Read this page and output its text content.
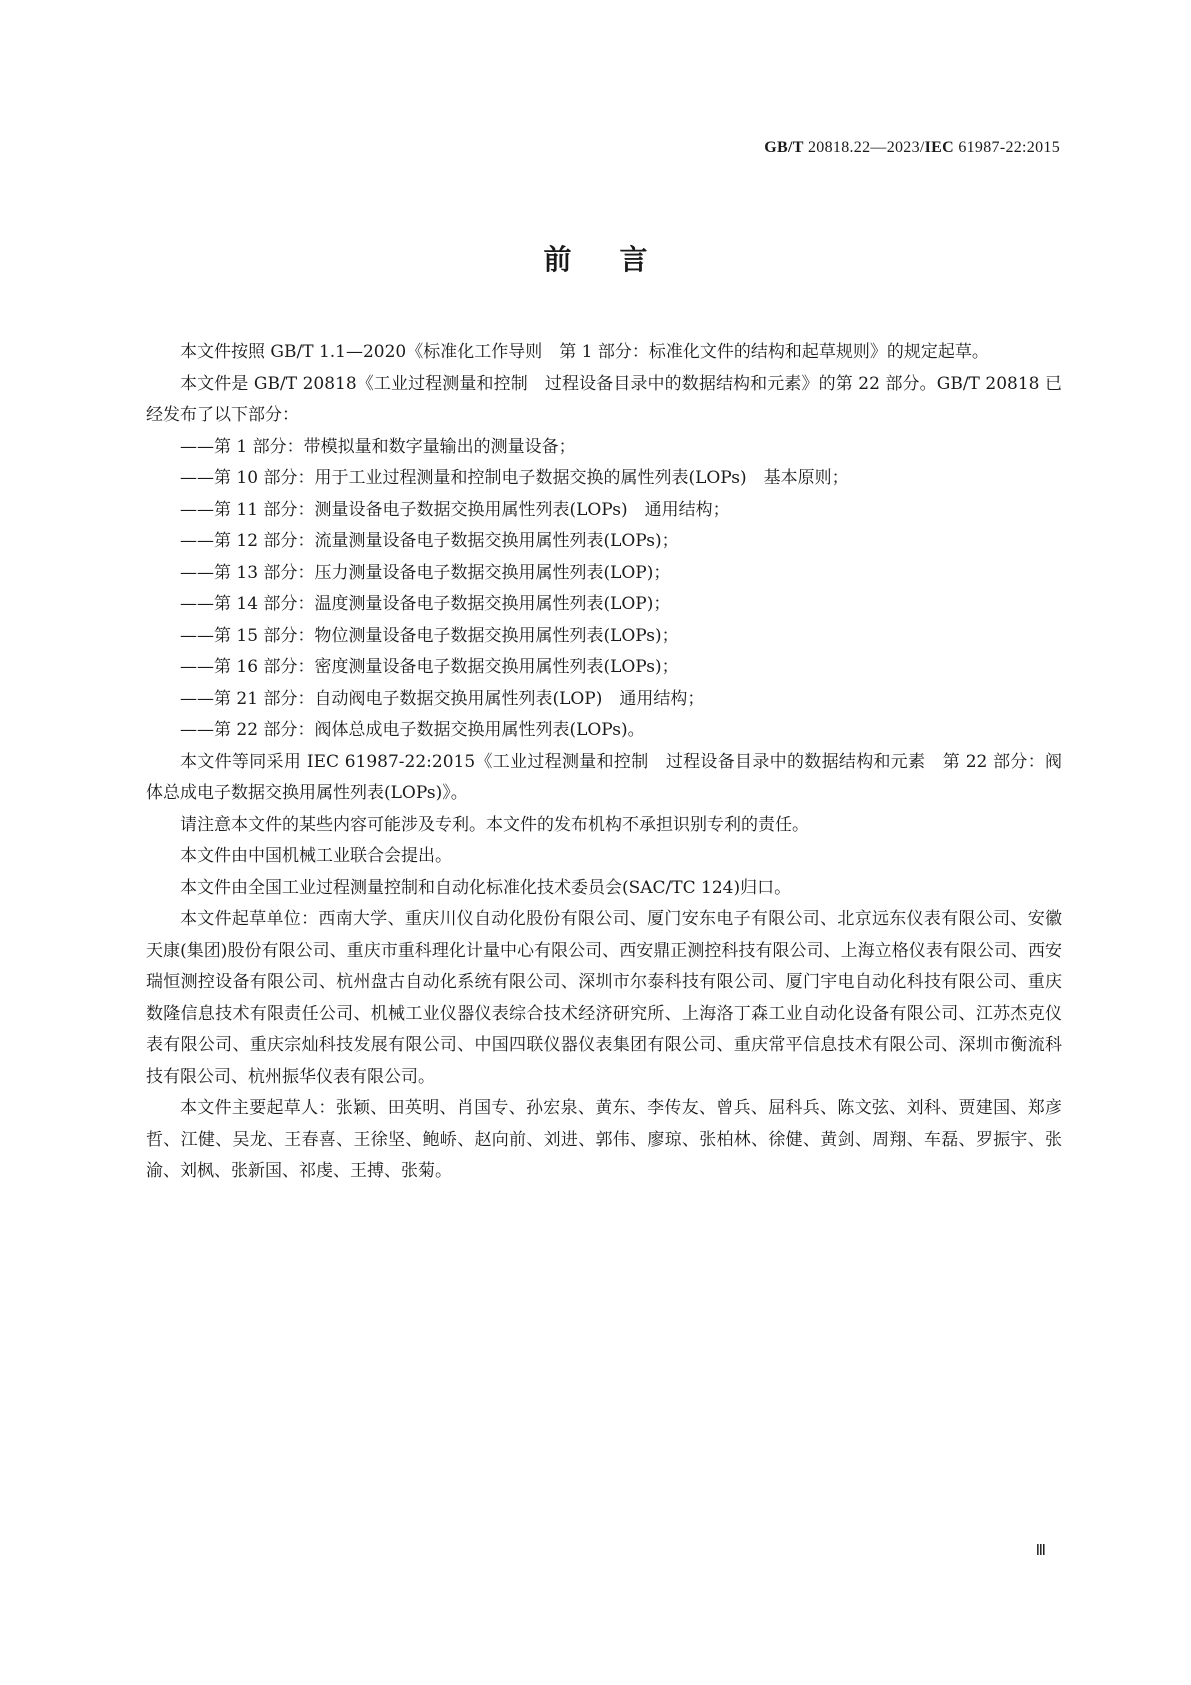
GB/T 20818.22—2023/IEC 61987-22:2015
前言

本文件按照 GB/T 1.1—2020《标准化工作导则　第 1 部分：标准化文件的结构和起草规则》的规定起草。

本文件是 GB/T 20818《工业过程测量和控制　过程设备目录中的数据结构和元素》的第 22 部分。GB/T 20818 已经发布了以下部分：

——第 1 部分：带模拟量和数字量输出的测量设备；

——第 10 部分：用于工业过程测量和控制电子数据交换的属性列表(LOPs)　基本原则；

——第 11 部分：测量设备电子数据交换用属性列表(LOPs)　通用结构；

——第 12 部分：流量测量设备电子数据交换用属性列表(LOPs)；

——第 13 部分：压力测量设备电子数据交换用属性列表(LOP)；

——第 14 部分：温度测量设备电子数据交换用属性列表(LOP)；

——第 15 部分：物位测量设备电子数据交换用属性列表(LOPs)；

——第 16 部分：密度测量设备电子数据交换用属性列表(LOPs)；

——第 21 部分：自动阀电子数据交换用属性列表(LOP)　通用结构；

——第 22 部分：阀体总成电子数据交换用属性列表(LOPs)。

本文件等同采用 IEC 61987-22:2015《工业过程测量和控制　过程设备目录中的数据结构和元素　第 22 部分：阀体总成电子数据交换用属性列表(LOPs)》。

请注意本文件的某些内容可能涉及专利。本文件的发布机构不承担识别专利的责任。

本文件由中国机械工业联合会提出。

本文件由全国工业过程测量控制和自动化标准化技术委员会(SAC/TC 124)归口。

本文件起草单位：西南大学、重庆川仪自动化股份有限公司、厦门安东电子有限公司、北京远东仪表有限公司、安徽天康(集团)股份有限公司、重庆市重科理化计量中心有限公司、西安鼎正测控科技有限公司、上海立格仪表有限公司、西安瑞恒测控设备有限公司、杭州盘古自动化系统有限公司、深圳市尔泰科技有限公司、厦门宇电自动化科技有限公司、重庆数隆信息技术有限责任公司、机械工业仪器仪表综合技术经济研究所、上海洛丁森工业自动化设备有限公司、江苏杰克仪表有限公司、重庆宗灿科技发展有限公司、中国四联仪器仪表集团有限公司、重庆常平信息技术有限公司、深圳市衡流科技有限公司、杭州振华仪表有限公司。

本文件主要起草人：张颖、田英明、肖国专、孙宏泉、黄东、李传友、曾兵、屈科兵、陈文弦、刘科、贾建国、郑彦哲、江健、吴龙、王春喜、王徐坚、鲍峤、赵向前、刘进、郭伟、廖琼、张柏林、徐健、黄剑、周翔、车磊、罗振宇、张渝、刘枫、张新国、祁虔、王搏、张菊。

Ⅲ
